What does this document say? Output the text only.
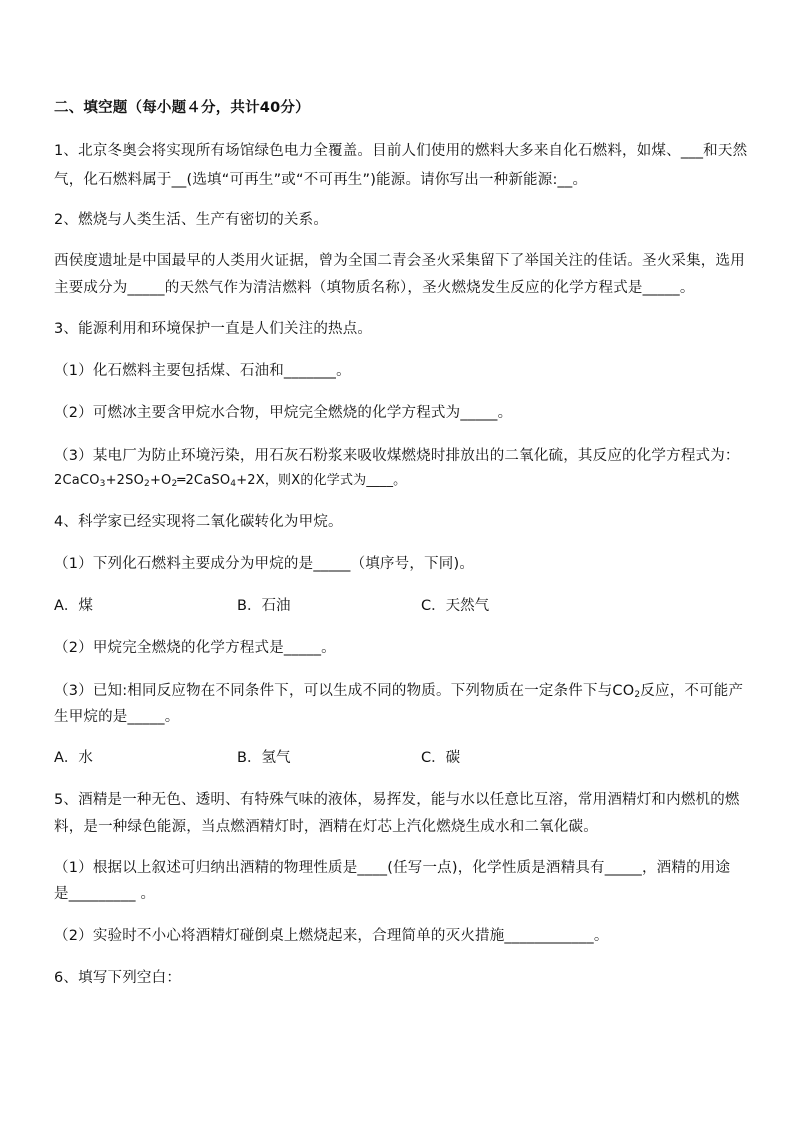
二、填空题（每小题４分，共计40分）
1、北京冬奥会将实现所有场馆绿色电力全覆盖。目前人们使用的燃料大多来自化石燃料，如煤、___和天然
气，化石燃料属于__(选填“可再生”或“不可再生”)能源。请你写出一种新能源:__。
2、燃烧与人类生活、生产有密切的关系。
西侯度遗址是中国最早的人类用火证据，曾为全国二青会圣火采集留下了举国关注的佳话。圣火采集，选用
主要成分为_____的天然气作为清洁燃料（填物质名称），圣火燃烧发生反应的化学方程式是_____。
3、能源利用和环境保护一直是人们关注的热点。
（1）化石燃料主要包括煤、石油和_______。
（2）可燃冰主要含甲烷水合物，甲烷完全燃烧的化学方程式为_____。
（3）某电厂为防止环境污染，用石灰石粉浆来吸收煤燃烧时排放出的二氧化硫，其反应的化学方程式为：
$2CaCO_3+2SO_2+O_2═2CaSO_4+2X$，则X的化学式为____。
4、科学家已经实现将二氧化碳转化为甲烷。
（1）下列化石燃料主要成分为甲烷的是_____（填序号，下同)。
A．煤	B．石油	C．天然气
（2）甲烷完全燃烧的化学方程式是_____。
（3）已知:相同反应物在不同条件下，可以生成不同的物质。下列物质在一定条件下与$CO_2$反应，不可能产
生甲烷的是_____。
A．水	B．氢气	C．碳
5、酒精是一种无色、透明、有特殊气味的液体，易挥发，能与水以任意比互溶，常用酒精灯和内燃机的燃
料，是一种绿色能源，当点燃酒精灯时，酒精在灯芯上汽化燃烧生成水和二氧化碳。
（1）根据以上叙述可归纳出酒精的物理性质是____(任写一点)，化学性质是酒精具有_____，酒精的用途
是_________ 。
（2）实验时不小心将酒精灯碰倒桌上燃烧起来，合理简单的灭火措施____________。
6、填写下列空白：
